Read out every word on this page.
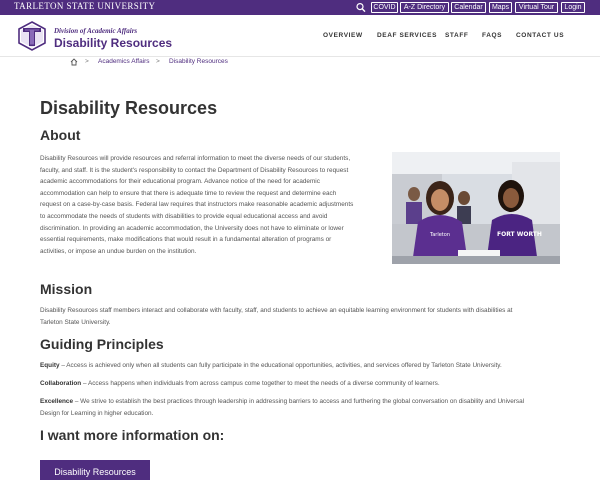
TARLETON STATE UNIVERSITY	COVID	A-Z Directory	Calendar	Maps	Virtual Tour	Login
Division of Academic Affairs
Disability Resources
OVERVIEW DEAF SERVICES STAFF FAQS CONTACT US
> Academics Affairs > Disability Resources
Disability Resources
About
Disability Resources will provide resources and referral information to meet the diverse needs of our students,
faculty, and staff. It is the student's responsibility to contact the Department of Disability Resources to request
academic accommodations for their educational program. Advance notice of the need for academic
accommodation can help to ensure that there is adequate time to review the request and determine each
request on a case-by-case basis. Federal law requires that instructors make reasonable academic adjustments
to accommodate the needs of students with disabilities to provide equal educational access and avoid
discrimination. In providing an academic accommodation, the University does not have to eliminate or lower
essential requirements, make modifications that would result in a fundamental alteration of programs or
activities, or impose an undue burden on the institution.
Tarleton	FORT WORTH
Mission
Disability Resources staff members interact and collaborate with faculty, staff, and students to achieve an equitable learning environment for students with disabilities at
Tarleton State University.
Guiding Principles
Equity – Access is achieved only when all students can fully participate in the educational opportunities, activities, and services offered by Tarleton State University.
Collaboration – Access happens when individuals from across campus come together to meet the needs of a diverse community of learners.
Excellence – We strive to establish the best practices through leadership in addressing barriers to access and furthering the global conversation on disability and Universal
Design for Learning in higher education.
I want more information on:
Disability Resources
